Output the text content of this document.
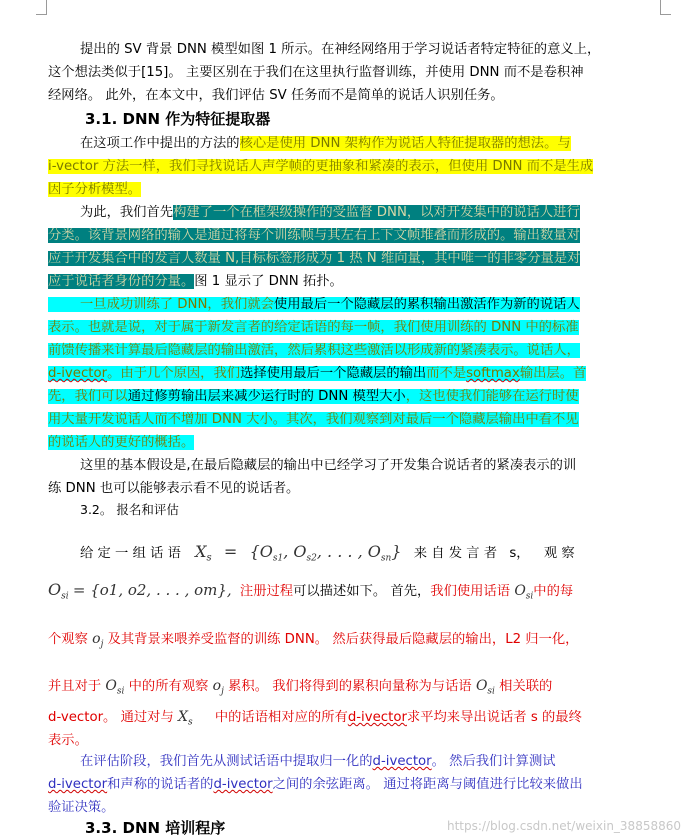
提出的 SV 背景 DNN 模型如图 1 所示。在神经网络用于学习说话者特定特征的意义上，
这个想法类似于[15]。 主要区别在于我们在这里执行监督训练，并使用 DNN 而不是卷积神
经网络。 此外，在本文中，我们评估 SV 任务而不是简单的说话人识别任务。
3.1. DNN 作为特征提取器
在这项工作中提出的方法的核心是使用 DNN 架构作为说话人特征提取器的想法。与
i-vector 方法一样，我们寻找说话人声学帧的更抽象和紧凑的表示，但使用 DNN 而不是生成
因子分析模型。
为此，我们首先构建了一个在框架级操作的受监督 DNN，以对开发集中的说话人进行
分类。该背景网络的输入是通过将每个训练帧与其左右上下文帧堆叠而形成的。输出数量对
应于开发集合中的发言人数量 N,目标标签形成为 1 热 N 维向量，其中唯一的非零分量是对
应于说话者身份的分量。图 1 显示了 DNN 拓扑。
一旦成功训练了 DNN，我们就会使用最后一个隐藏层的累积输出激活作为新的说话人
表示。也就是说，对于属于新发言者的给定话语的每一帧，我们使用训练的 DNN 中的标准
前馈传播来计算最后隐藏层的输出激活，然后累积这些激活以形成新的紧凑表示。说话人，
d-ivector。由于几个原因，我们选择使用最后一个隐藏层的输出而不是softmax输出层。首
先，我们可以通过修剪输出层来减少运行时的 DNN 模型大小，这也使我们能够在运行时使
用大量开发说话人而不增加 DNN 大小。其次，我们观察到对最后一个隐藏层输出中看不见
的说话人的更好的概括。
这里的基本假设是,在最后隐藏层的输出中已经学习了开发集合说话者的紧凑表示的训
练 DNN 也可以能够表示看不见的说话者。
3.2。 报名和评估
给 定 一 组 话 语 $X_s = \{O_{s1}$, $O_{s2}$, . . . , $O_{sn}$} 来 自 发 言 者 s， 观 察
$O_{si} = \{o1$, o2, . . . , om}, 注册过程可以描述如下。 首先，我们使用话语 $O_{si}$中的每
个观察 $o_j$ 及其背景来喂养受监督的训练 DNN。 然后获得最后隐藏层的输出，L2 归一化，
并且对于 $O_{si}$ 中的所有观察 $o_j$ 累积。 我们将得到的累积向量称为与话语 $O_{si}$ 相关联的
d-vector。 通过对与 $X_s$ 中的话语相对应的所有d-ivector求平均来导出说话者 s 的最终
表示。
在评估阶段，我们首先从测试话语中提取归一化的d-ivector。 然后我们计算测试
d-ivector和声称的说话者的d-ivector之间的余弦距离。 通过将距离与阈值进行比较来做出
验证决策。
3.3. DNN 培训程序	https://blog.csdn.net/weixin_38858860
